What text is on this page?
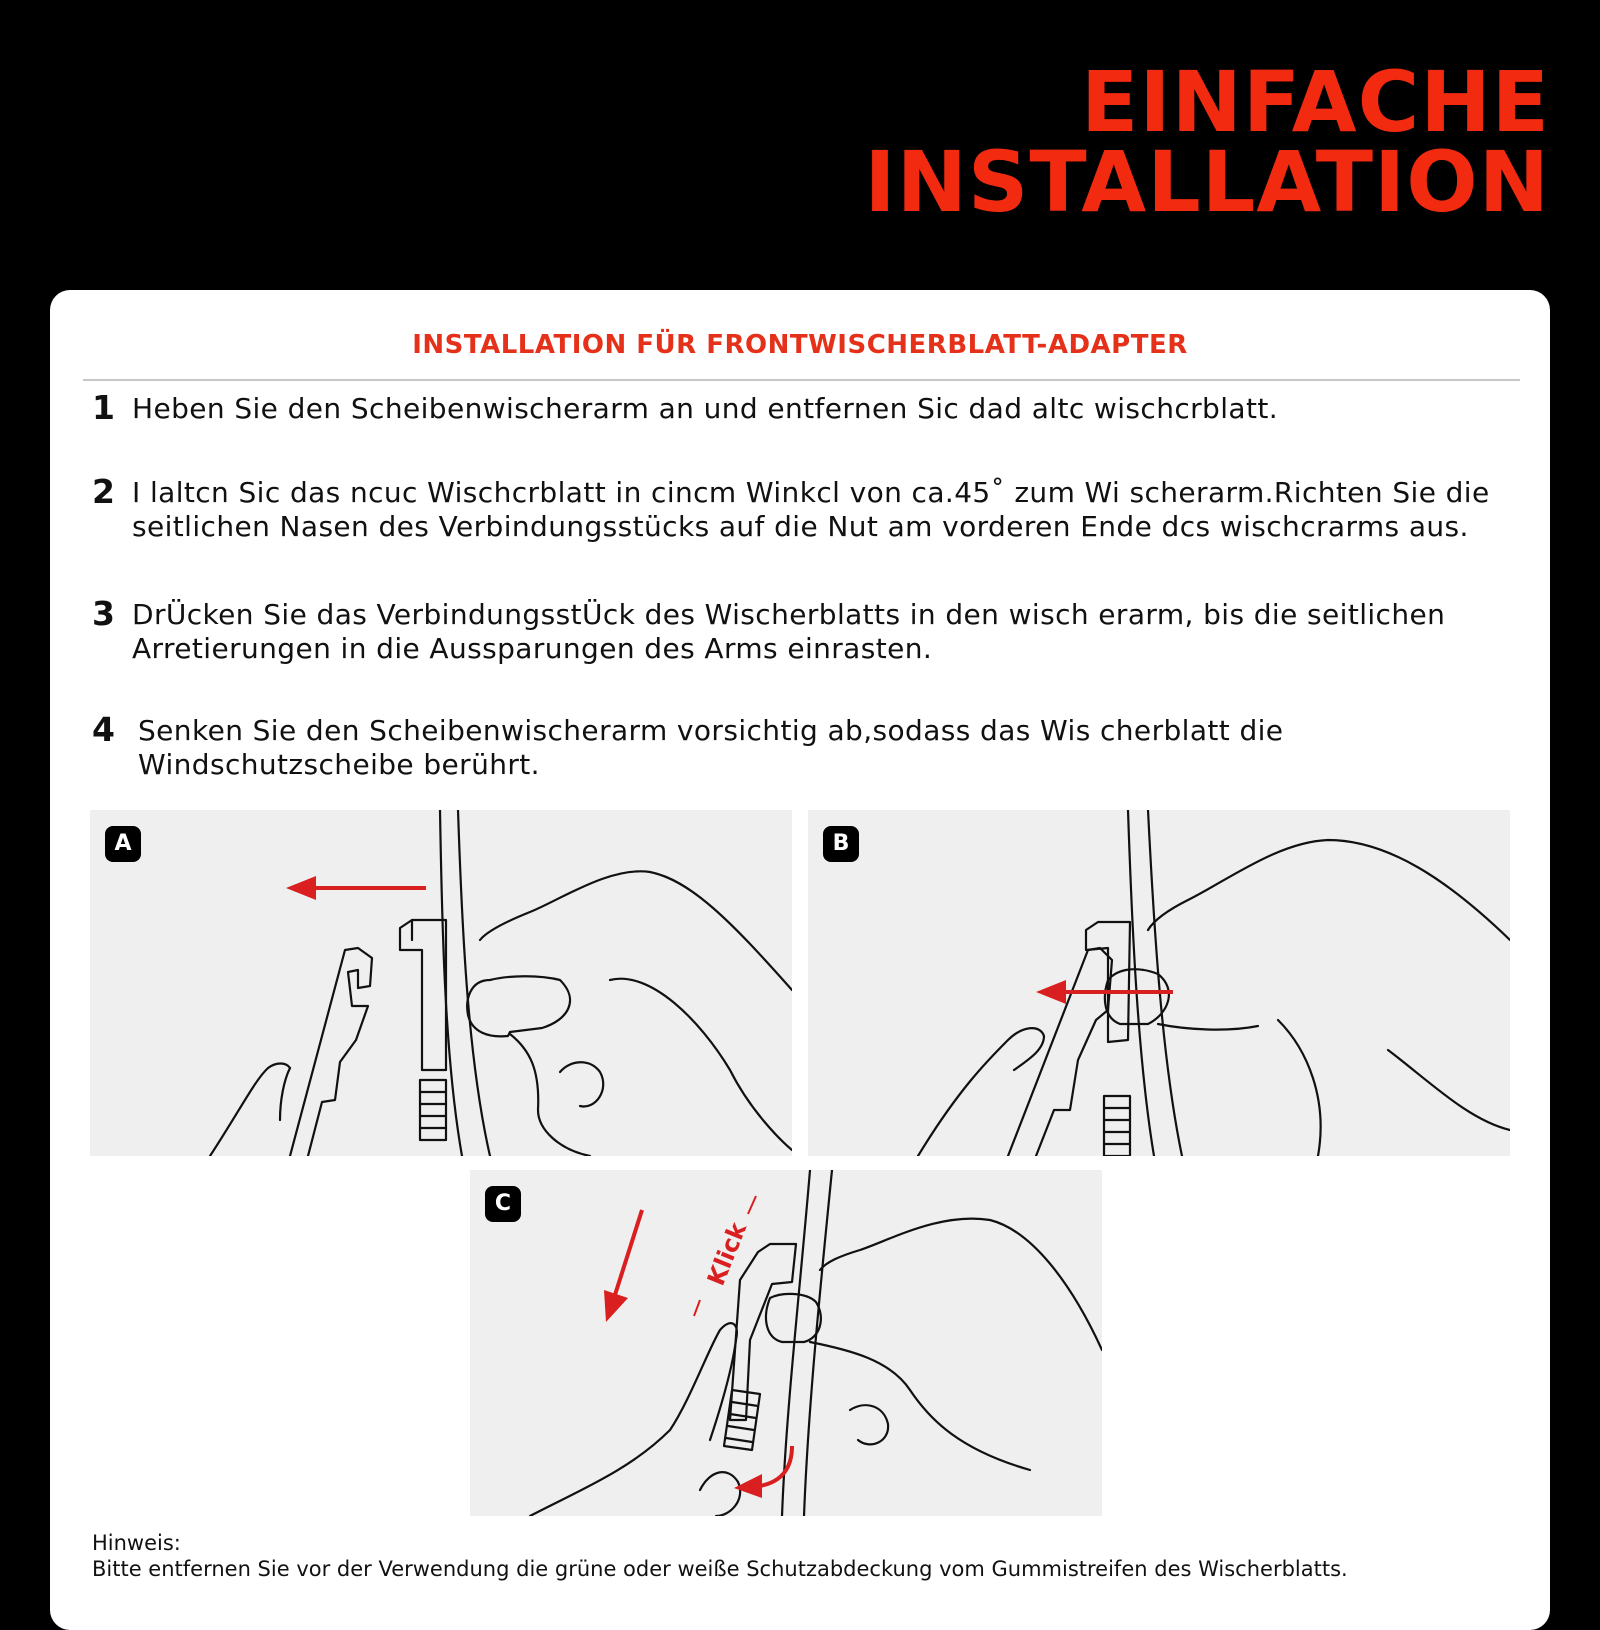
EINFACHE
INSTALLATION
INSTALLATION FÜR FRONTWISCHERBLATT-ADAPTER
1 Heben Sie den Scheibenwischerarm an und entfernen Sic dad altc wischcrblatt.
2 I laltcn Sic das ncuc Wischcrblatt in cincm Winkcl von ca.45˚ zum Wi scherarm.Richten Sie die seitlichen Nasen des Verbindungsstücks auf die Nut am vorderen Ende dcs wischcrarms aus.
3 DrÜcken Sie das VerbindungsstÜck des Wischerblatts in den wisch erarm, bis die seitlichen Arretierungen in die Aussparungen des Arms einrasten.
4 Senken Sie den Scheibenwischerarm vorsichtig ab,sodass das Wis cherblatt die Windschutzscheibe berührt.
A	B
Klick
C
Hinweis:
Bitte entfernen Sie vor der Verwendung die grüne oder weiße Schutzabdeckung vom Gummistreifen des Wischerblatts.
